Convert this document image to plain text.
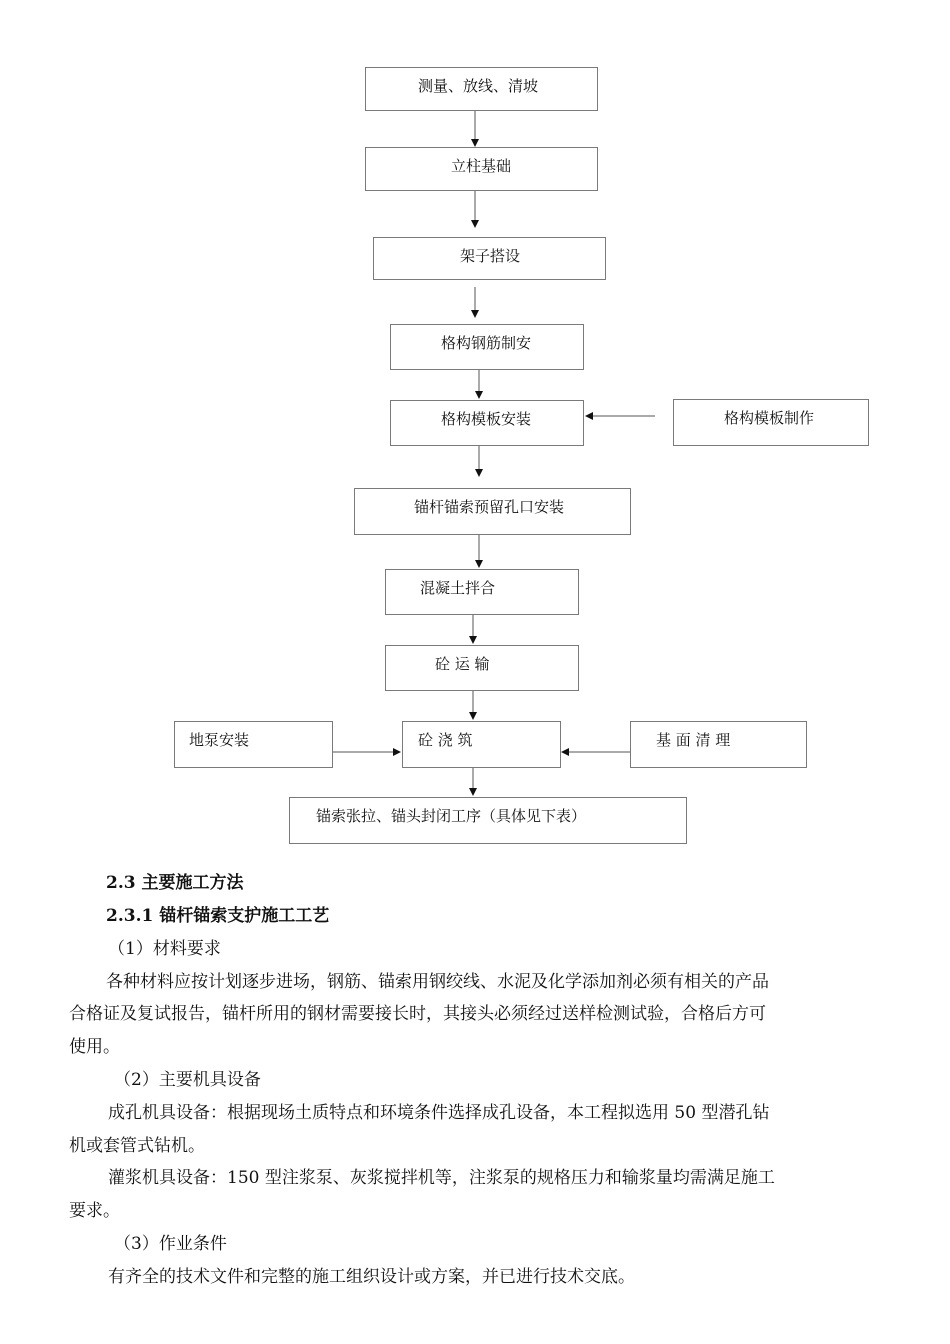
测量、放线、清坡
立柱基础
架子搭设
格构钢筋制安
格构模板安装	格构模板制作
锚杆锚索预留孔口安装
混凝土拌合
砼 运 输
地泵安装	砼 浇 筑	基 面 清 理
锚索张拉、锚头封闭工序（具体见下表）
2.3 主要施工方法
2.3.1 锚杆锚索支护施工工艺
（1）材料要求
各种材料应按计划逐步进场，钢筋、锚索用钢绞线、水泥及化学添加剂必须有相关的产品
合格证及复试报告，锚杆所用的钢材需要接长时，其接头必须经过送样检测试验，合格后方可
使用。
（2）主要机具设备
成孔机具设备：根据现场土质特点和环境条件选择成孔设备，本工程拟选用 50 型潜孔钻
机或套管式钻机。
灌浆机具设备：150 型注浆泵、灰浆搅拌机等，注浆泵的规格压力和输浆量均需满足施工
要求。
（3）作业条件
有齐全的技术文件和完整的施工组织设计或方案，并已进行技术交底。
